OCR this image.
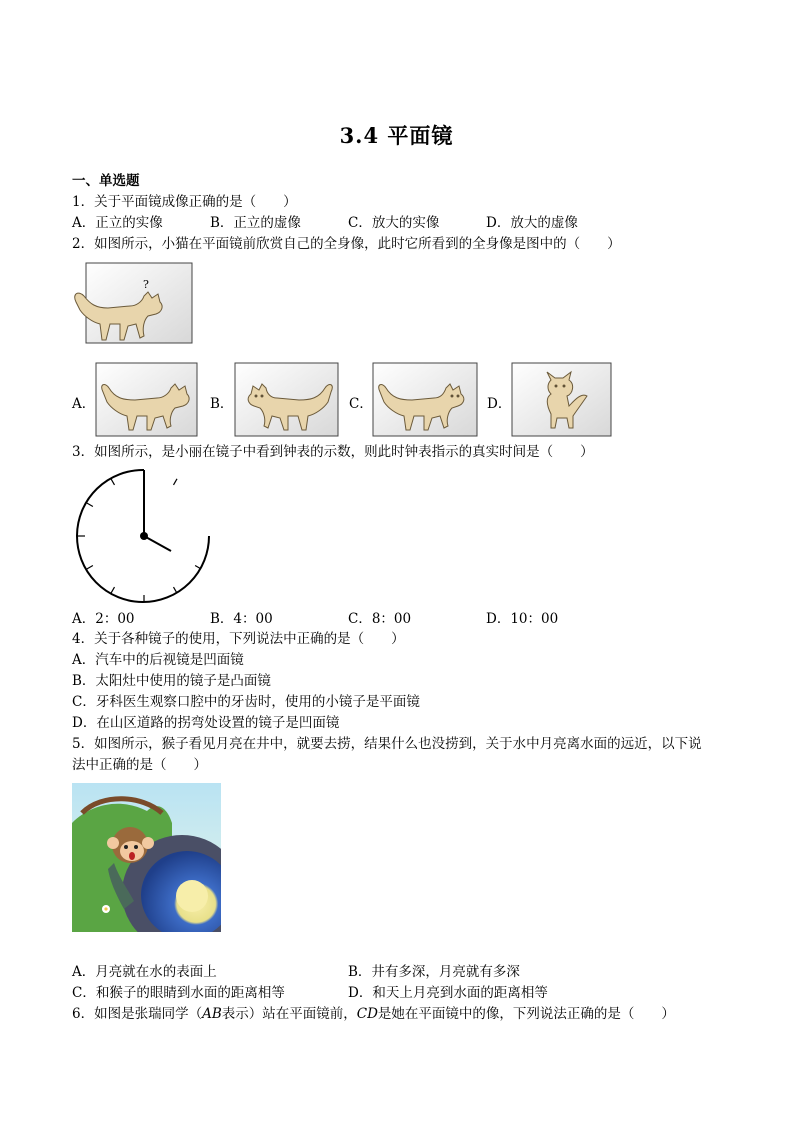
3.4 平面镜
一、单选题
1．关于平面镜成像正确的是（　　）
A．正立的实像	B．正立的虚像	C．放大的实像	D．放大的虚像
2．如图所示，小猫在平面镜前欣赏自己的全身像，此时它所看到的全身像是图中的（　　）
?
A．	B．	C．	D．
3．如图所示，是小丽在镜子中看到钟表的示数，则此时钟表指示的真实时间是（　　）
A．2：00	B．4：00	C．8：00	D．10：00
4．关于各种镜子的使用，下列说法中正确的是（　　）
A．汽车中的后视镜是凹面镜
B．太阳灶中使用的镜子是凸面镜
C．牙科医生观察口腔中的牙齿时，使用的小镜子是平面镜
D．在山区道路的拐弯处设置的镜子是凹面镜
5．如图所示，猴子看见月亮在井中，就要去捞，结果什么也没捞到，关于水中月亮离水面的远近，以下说
法中正确的是（　　）
A．月亮就在水的表面上	B．井有多深，月亮就有多深
C．和猴子的眼睛到水面的距离相等	D．和天上月亮到水面的距离相等
6．如图是张瑞同学（AB表示）站在平面镜前，CD是她在平面镜中的像，下列说法正确的是（　　）
